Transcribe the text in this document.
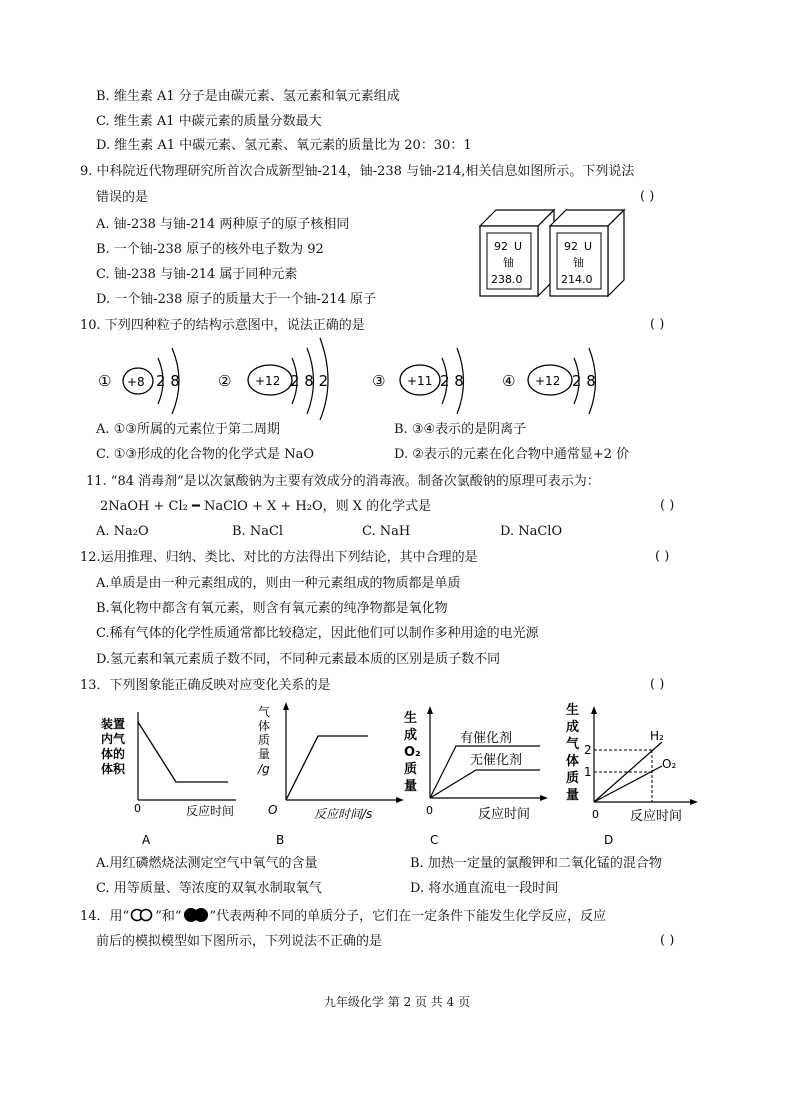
B. 维生素 A1 分子是由碳元素、氢元素和氧元素组成
C. 维生素 A1 中碳元素的质量分数最大
D. 维生素 A1 中碳元素、氢元素、氧元素的质量比为 20：30：1
9. 中科院近代物理研究所首次合成新型铀-214，铀-238 与铀-214,相关信息如图所示。下列说法
错误的是	( )
A. 铀-238 与铀-214 两种原子的原子核相同
B. 一个铀-238 原子的核外电子数为 92
C. 铀-238 与铀-214 属于同种元素
D. 一个铀-238 原子的质量大于一个铀-214 原子
92 U
铀
238.0
92 U
铀
214.0
10. 下列四种粒子的结构示意图中，说法正确的是	( )
① +8 2 8	② +12 2 8 2	③ +11 2 8	④ +12 2 8
A. ①③所属的元素位于第二周期	B. ③④表示的是阴离子
C. ①③形成的化合物的化学式是 NaO	D. ②表示的元素在化合物中通常显+2 价
11. “84 消毒剂”是以次氯酸钠为主要有效成分的消毒液。制备次氯酸钠的原理可表示为：
2NaOH + Cl₂ ━ NaClO + X + H₂O，则 X 的化学式是	( )
A. Na₂O	B. NaCl	C. NaH	D. NaClO
12.运用推理、归纳、类比、对比的方法得出下列结论，其中合理的是	( )
A.单质是由一种元素组成的，则由一种元素组成的物质都是单质
B.氧化物中都含有氧元素，则含有氧元素的纯净物都是氧化物
C.稀有气体的化学性质通常都比较稳定，因此他们可以制作多种用途的电光源
D.氢元素和氧元素质子数不同，不同种元素最本质的区别是质子数不同
13．下列图象能正确反映对应变化关系的是	( )
装置
内气
体的
体积
0	反应时间
A
气
体
质
量
/g
O	反应时间/s
B
生
成
O₂
质
量
有催化剂
无催化剂
0	反应时间
C
生
成
气
体
质
量
2
1
H₂
O₂
0 反应时间
D
A.用红磷燃烧法测定空气中氧气的含量	B. 加热一定量的氯酸钾和二氧化锰的混合物
C. 用等质量、等浓度的双氧水制取氧气	D. 将水通直流电一段时间
14．用“ ”和“ ”代表两种不同的单质分子，它们在一定条件下能发生化学反应，反应
前后的模拟模型如下图所示，下列说法不正确的是	( )
九年级化学 第 2 页 共 4 页
